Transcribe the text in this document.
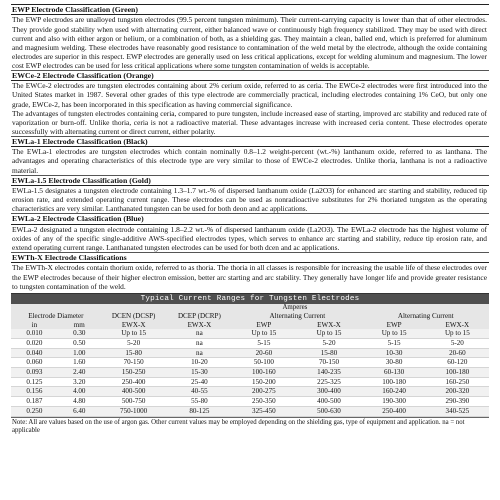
EWP Electrode Classification (Green)

The EWP electrodes are unalloyed tungsten electrodes (99.5 percent tungsten minimum). Their current-carrying capacity is lower than that of other electrodes. They provide good stability when used with alternating current, either balanced wave or continuously high frequency stabilized. They may be used with direct current and also with either argon or helium, or a combination of both, as a shielding gas. They maintain a clean, balled end, which is preferred for aluminum and magnesium welding. These electrodes have reasonably good resistance to contamination of the weld metal by the electrode, although the oxide containing electrodes are superior in this respect. EWP electrodes are generally used on less critical applications, except for welding aluminum and magnesium. The lower cost EWP electrodes can be used for less critical applications where some tungsten contamination of welds is acceptable.

EWCe-2 Electrode Classification (Orange)

The EWCe-2 electrodes are tungsten electrodes containing about 2% cerium oxide, referred to as ceria. The EWCe-2 electrodes were first introduced into the United States market in 1987. Several other grades of this type electrode are commercially practical, including electrodes containing 1% CeO, but only one grade, EWCe-2, has been incorporated in this specification as having commercial significance.

The advantages of tungsten electrodes containing ceria, compared to pure tungsten, include increased ease of starting, improved arc stability and reduced rate of vaporization or burn-off. Unlike thoria, ceria is not a radioactive material. These advantages increase with increased ceria content. These electrodes operate successfully with alternating current or direct current, either polarity.

EWLa-1 Electrode Classification (Black)

The EWLa-1 electrodes are tungsten electrodes which contain nominally 0.8–1.2 weight-percent (wt.-%) lanthanum oxide, referred to as lanthana. The advantages and operating characteristics of this electrode type are very similar to those of EWCe-2 electrodes. Unlike thoria, lanthana is not a radioactive material.

EWLa-1.5 Electrode Classification (Gold)

EWLa-1.5 designates a tungsten electrode containing 1.3–1.7 wt.-% of dispersed lanthanum oxide (La2O3) for enhanced arc starting and stability, reduced tip erosion rate, and extended operating current range. These electrodes can be used as nonradioactive substitutes for 2% thoriated tungsten as the operating characteristics are very similar. Lanthanated tungsten can be used for both deon and ac applications.

EWLa-2 Electrode Classification (Blue)

EWLa-2 designated a tungsten electrode containing 1.8–2.2 wt.-% of dispersed lanthanum oxide (La2O3). The EWLa-2 electrode has the highest volume of oxides of any of the specific single-additive AWS-specified electrodes types, which serves to enhance arc starting and stability, reduce tip erosion rate, and extend operating current range. Lanthanated tungsten electrodes can be used for both dcen and ac applications.

EWTh-X Electrode Classifications

The EWTh-X electrodes contain thorium oxide, referred to as thoria. The thoria in all classes is responsible for increasing the usable life of these electrodes over the EWP electrodes because of their higher electron emission, better arc starting and arc stability. They generally have longer life and provide greater resistance to tungsten contamination of the weld.

Typical Current Ranges for Tungsten Electrodes							
		Amperes					
Electrode Diameter		DCEN (DCSP)	DCEP (DCRP)	Alternating Current		Alternating Current	
in	mm	EWX-X	EWX-X	EWP	EWX-X	EWP	EWX-X
0.010	0.30	Up to 15	na	Up to 15	Up to 15	Up to 15	Up to 15
0.020	0.50	5-20	na	5-15	5-20	5-15	5-20
0.040	1.00	15-80	na	20-60	15-80	10-30	20-60
0.060	1.60	70-150	10-20	50-100	70-150	30-80	60-120
0.093	2.40	150-250	15-30	100-160	140-235	60-130	100-180
0.125	3.20	250-400	25-40	150-200	225-325	100-180	160-250
0.156	4.00	400-500	40-55	200-275	300-400	160-240	200-320
0.187	4.80	500-750	55-80	250-350	400-500	190-300	290-390
0.250	6.40	750-1000	80-125	325-450	500-630	250-400	340-525
Note: All are values based on the use of argon gas. Other current values may be employed depending on the shielding gas, type of equipment and application. na = not applicable
